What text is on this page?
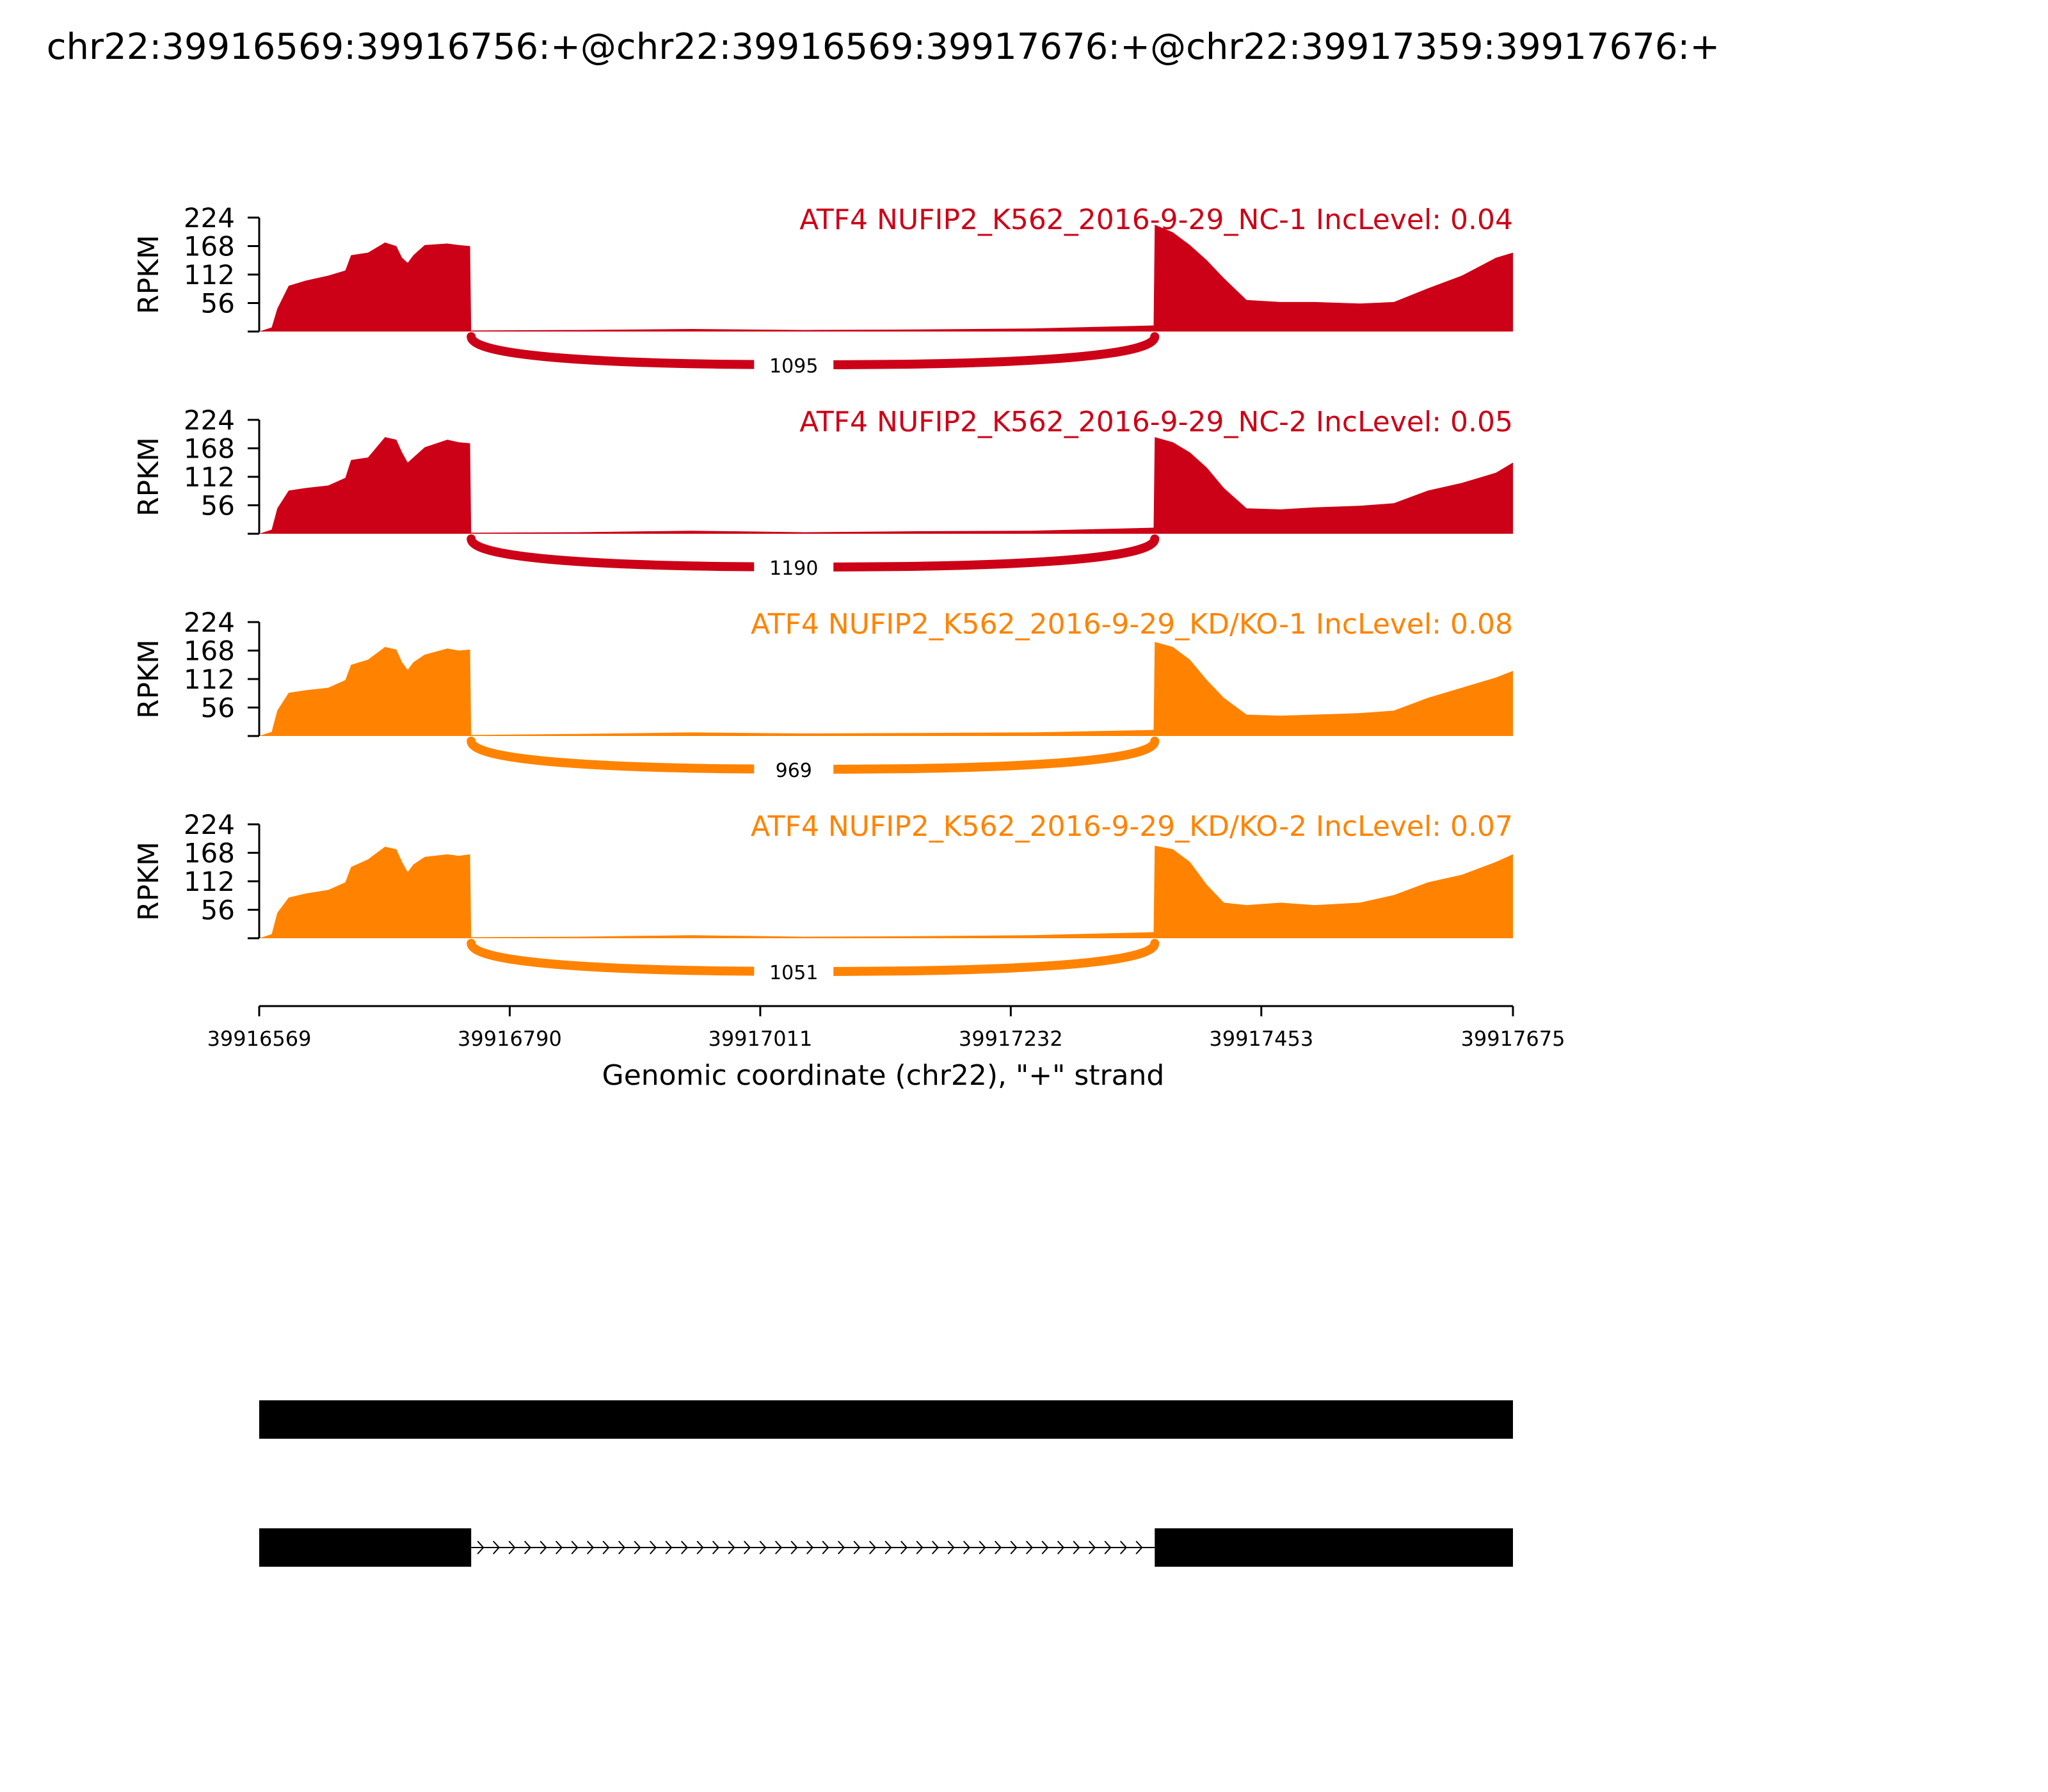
chr22:39916569:39916756:+@chr22:39916569:39917676:+@chr22:39917359:39917676:+
56
112
168
224
RPKM
ATF4 NUFIP2_K562_2016-9-29_NC-1 IncLevel: 0.04
1095
56
112
168
224
RPKM
ATF4 NUFIP2_K562_2016-9-29_NC-2 IncLevel: 0.05
1190
56
112
168
224
RPKM
ATF4 NUFIP2_K562_2016-9-29_KD/KO-1 IncLevel: 0.08
969
56
112
168
224
RPKM
ATF4 NUFIP2_K562_2016-9-29_KD/KO-2 IncLevel: 0.07
1051
39916569	39916790	39917011	39917232	39917453	39917675
Genomic coordinate (chr22), "+" strand
